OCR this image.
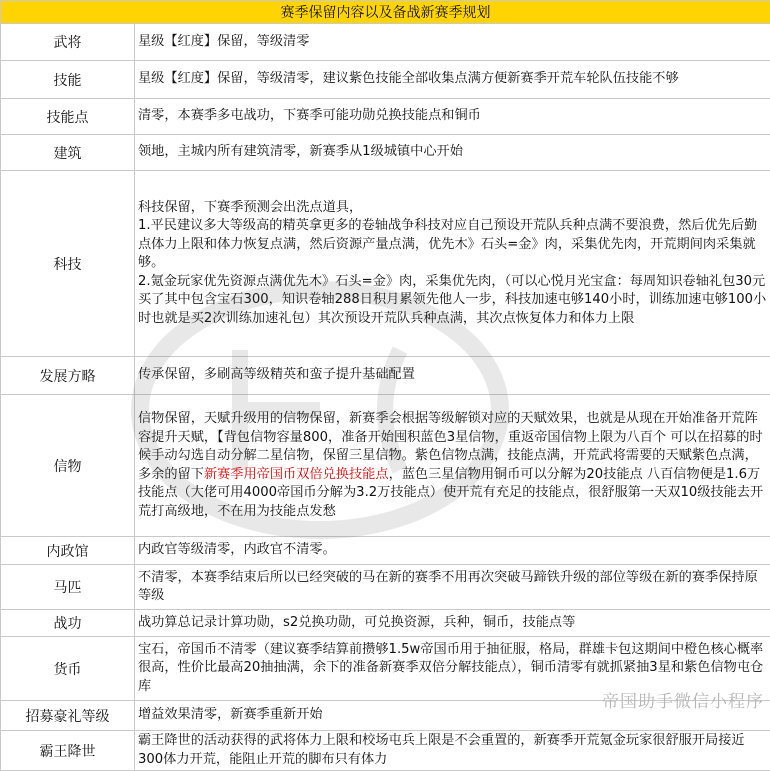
赛季保留内容以及备战新赛季规划	
武将	星级【红度】保留，等级清零
技能	星级【红度】保留，等级清零，建议紫色技能全部收集点满方便新赛季开荒车轮队伍技能不够
技能点	清零，本赛季多屯战功，下赛季可能功勋兑换技能点和铜币
建筑	领地，主城内所有建筑清零，新赛季从1级城镇中心开始
科技	科技保留，下赛季预测会出洗点道具，
1.平民建议多大等级高的精英拿更多的卷轴战争科技对应自己预设开荒队兵种点满不要浪费，然后优先后勤点体力上限和体力恢复点满，然后资源产量点满，优先木》石头=金》肉，采集优先肉，开荒期间肉采集就够。
2.氪金玩家优先资源点满优先木》石头=金》肉，采集优先肉，（可以心悦月光宝盒：每周知识卷轴礼包30元买了其中包含宝石300，知识卷轴288日积月累领先他人一步，科技加速屯够140小时，训练加速屯够100小时也就是买2次训练加速礼包）其次预设开荒队兵种点满，其次点恢复体力和体力上限

发展方略	传承保留，多刷高等级精英和蛮子提升基础配置
信物	信物保留，天赋升级用的信物保留，新赛季会根据等级解锁对应的天赋效果，也就是从现在开始准备开荒阵容提升天赋，【背包信物容量800，准备开始囤积蓝色3星信物，重返帝国信物上限为八百个 可以在招募的时候手动勾选自动分解二星信物，保留三星信物。紫色信物点满，技能点满，开荒武将需要的天赋紫色点满，多余的留下新赛季用帝国币双倍兑换技能点，蓝色三星信物用铜币可以分解为20技能点 八百信物便是1.6万技能点（大佬可用4000帝国币分解为3.2万技能点）使开荒有充足的技能点，很舒服第一天双10级技能去开荒打高级地，不在用为技能点发愁
内政馆	内政官等级清零，内政官不清零。
马匹	不清零，本赛季结束后所以已经突破的马在新的赛季不用再次突破马蹄铁升级的部位等级在新的赛季保持原等级
战功	战功算总记录计算功勋，s2兑换功勋，可兑换资源，兵种，铜币，技能点等
货币	宝石，帝国币不清零（建议赛季结算前攒够1.5w帝国币用于抽征服，格局，群雄卡包这期间中橙色核心概率很高，性价比最高20抽抽满，余下的准备新赛季双倍分解技能点），铜币清零有就抓紧抽3星和紫色信物屯仓库
招募豪礼等级	增益效果清零，新赛季重新开始
霸王降世	霸王降世的活动获得的武将体力上限和校场屯兵上限是不会重置的，新赛季开荒氪金玩家很舒服开局接近300体力开荒，能阻止开荒的脚布只有体力
帝国助手微信小程序
